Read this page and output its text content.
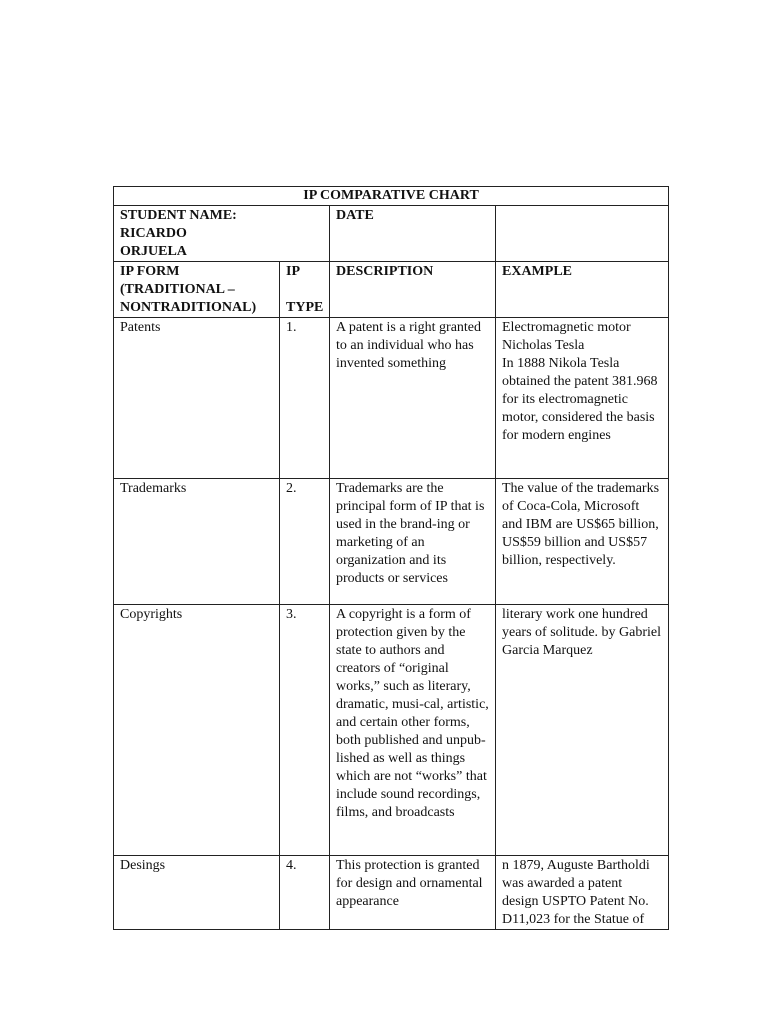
IP COMPARATIVE CHART			
STUDENT NAME:
RICARDO
ORJUELA		DATE	
IP FORM
(TRADITIONAL –
NONTRADITIONAL)	IP

TYPE	DESCRIPTION	EXAMPLE
Patents	1.	A patent is a right granted to an individual who has invented something	Electromagnetic motor
Nicholas Tesla
In 1888 Nikola Tesla obtained the patent 381.968 for its electromagnetic motor, considered the basis for modern engines
Trademarks	2.	Trademarks are the principal form of IP that is used in the brand-ing or marketing of an organization and its products or services	The value of the trademarks of Coca-Cola, Microsoft and IBM are US$65 billion, US$59 billion and US$57 billion, respectively.
Copyrights	3.	A copyright is a form of protection given by the state to authors and creators of “original works,” such as literary, dramatic, musi-cal, artistic, and certain other forms, both published and unpub-lished as well as things which are not “works” that include sound recordings, films, and broadcasts	literary work one hundred years of solitude. by Gabriel Garcia Marquez
Desings	4.	This protection is granted for design and ornamental appearance	n 1879, Auguste Bartholdi was awarded a patent design USPTO Patent No. D11,023 for the Statue of
